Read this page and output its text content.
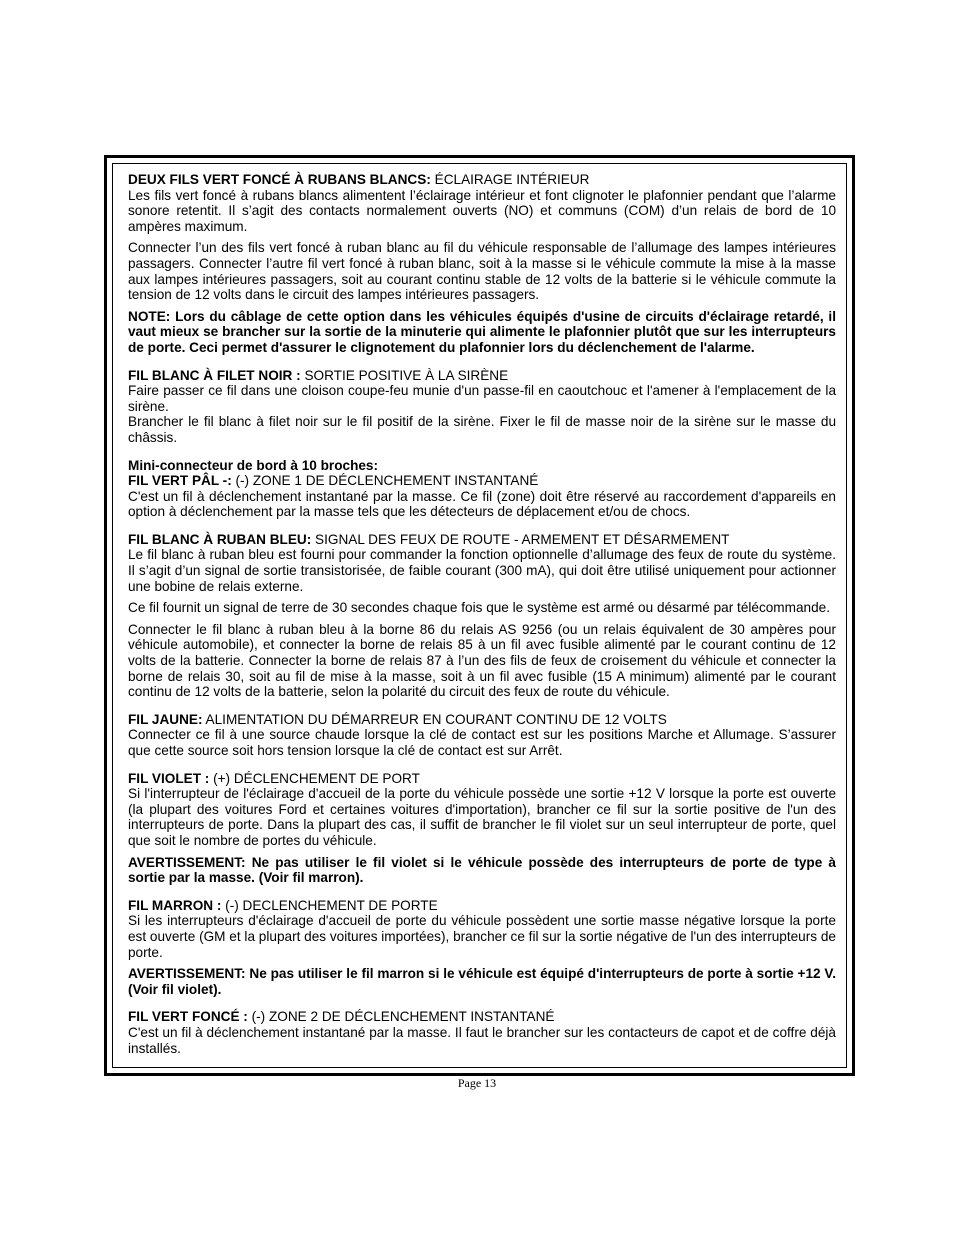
DEUX FILS VERT FONCÉ À RUBANS BLANCS: ÉCLAIRAGE INTÉRIEUR

Les fils vert foncé à rubans blancs alimentent l’éclairage intérieur et font clignoter le plafonnier pendant que l’alarme sonore retentit. Il s’agit des contacts normalement ouverts (NO) et communs (COM) d’un relais de bord de 10 ampères maximum.

Connecter l’un des fils vert foncé à ruban blanc au fil du véhicule responsable de l’allumage des lampes intérieures passagers. Connecter l’autre fil vert foncé à ruban blanc, soit à la masse si le véhicule commute la mise à la masse aux lampes intérieures passagers, soit au courant continu stable de 12 volts de la batterie si le véhicule commute la tension de 12 volts dans le circuit des lampes intérieures passagers.

NOTE: Lors du câblage de cette option dans les véhicules équipés d'usine de circuits d'éclairage retardé, il vaut mieux se brancher sur la sortie de la minuterie qui alimente le plafonnier plutôt que sur les interrupteurs de porte. Ceci permet d'assurer le clignotement du plafonnier lors du déclenchement de l'alarme.

FIL BLANC À FILET NOIR : SORTIE POSITIVE À LA SIRÈNE

Faire passer ce fil dans une cloison coupe-feu munie d'un passe-fil en caoutchouc et l'amener à l'emplacement de la sirène.

Brancher le fil blanc à filet noir sur le fil positif de la sirène. Fixer le fil de masse noir de la sirène sur le masse du châssis.

Mini-connecteur de bord à 10 broches:

FIL VERT PÂL -: (-) ZONE 1 DE DÉCLENCHEMENT INSTANTANÉ

C'est un fil à déclenchement instantané par la masse. Ce fil (zone) doit être réservé au raccordement d'appareils en option à déclenchement par la masse tels que les détecteurs de déplacement et/ou de chocs.

FIL BLANC À RUBAN BLEU: SIGNAL DES FEUX DE ROUTE - ARMEMENT ET DÉSARMEMENT

Le fil blanc à ruban bleu est fourni pour commander la fonction optionnelle d’allumage des feux de route du système. Il s’agit d’un signal de sortie transistorisée, de faible courant (300 mA), qui doit être utilisé uniquement pour actionner une bobine de relais externe.

Ce fil fournit un signal de terre de 30 secondes chaque fois que le système est armé ou désarmé par télécommande.

Connecter le fil blanc à ruban bleu à la borne 86 du relais AS 9256 (ou un relais équivalent de 30 ampères pour véhicule automobile), et connecter la borne de relais 85 à un fil avec fusible alimenté par le courant continu de 12 volts de la batterie. Connecter la borne de relais 87 à l’un des fils de feux de croisement du véhicule et connecter la borne de relais 30, soit au fil de mise à la masse, soit à un fil avec fusible (15 A minimum) alimenté par le courant continu de 12 volts de la batterie, selon la polarité du circuit des feux de route du véhicule.

FIL JAUNE: ALIMENTATION DU DÉMARREUR EN COURANT CONTINU DE 12 VOLTS

Connecter ce fil à une source chaude lorsque la clé de contact est sur les positions Marche et Allumage. S’assurer que cette source soit hors tension lorsque la clé de contact est sur Arrêt.

FIL VIOLET : (+) DÉCLENCHEMENT DE PORT

Si l'interrupteur de l'éclairage d'accueil de la porte du véhicule possède une sortie +12 V lorsque la porte est ouverte (la plupart des voitures Ford et certaines voitures d'importation), brancher ce fil sur la sortie positive de l'un des interrupteurs de porte. Dans la plupart des cas, il suffit de brancher le fil violet sur un seul interrupteur de porte, quel que soit le nombre de portes du véhicule.

AVERTISSEMENT: Ne pas utiliser le fil violet si le véhicule possède des interrupteurs de porte de type à sortie par la masse. (Voir fil marron).

FIL MARRON : (-) DECLENCHEMENT DE PORTE

Si les interrupteurs d'éclairage d'accueil de porte du véhicule possèdent une sortie masse négative lorsque la porte est ouverte (GM et la plupart des voitures importées), brancher ce fil sur la sortie négative de l'un des interrupteurs de porte.

AVERTISSEMENT: Ne pas utiliser le fil marron si le véhicule est équipé d'interrupteurs de porte à sortie +12 V. (Voir fil violet).

FIL VERT FONCÉ : (-) ZONE 2 DE DÉCLENCHEMENT INSTANTANÉ

C'est un fil à déclenchement instantané par la masse. Il faut le brancher sur les contacteurs de capot et de coffre déjà installés.

Page 13
